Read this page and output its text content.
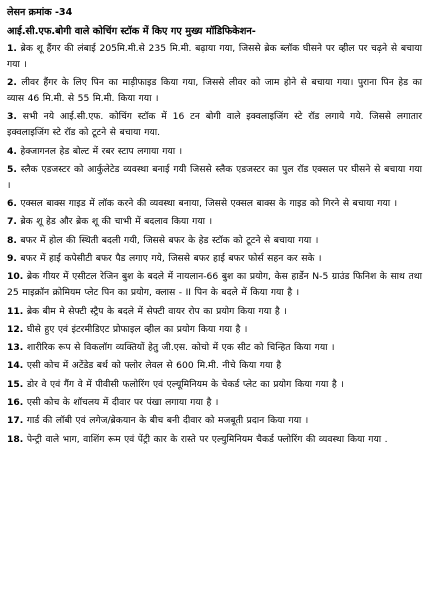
लेसन क्रमांक -34
आई.सी.एफ.बोगी वाले कोचिंग स्टॉक में किए गए मुख्य मॉडिफिकेशन-
1. ब्रेक शू हैंगर की लंबाई 205मि.मी.से 235 मि.मी. बढ़ाया गया, जिससे ब्रेक ब्लॉक घीसने पर व्हील पर चढ़ने से बचाया गया ।
2. लीवर हैंगर के लिए पिन का माड़ीफाइड किया गया, जिससे लीवर को जाम होने से बचाया गया। पुराना पिन हेड का व्यास 46 मि.मी. से 55 मि.मी. किया गया ।
3. सभी नये आई.सी.एफ. कोचिंग स्टॉक में 16 टन बोगी वाले इक्वलाइजिंग स्टे रॉड लगाये गये. जिससे लगातार इक्वलाइजिंग स्टे रॉड को टूटने से बचाया गया.
4. हेक्जागनल हेड बोल्ट में रबर स्टाप लगाया गया ।
5. स्लैक एडजस्टर को आर्कुलेटेड व्यवस्था बनाई गयी जिससे स्लैक एडजस्टर का पुल रॉड एक्सल पर घीसने से बचाया गया ।
6. एक्सल बाक्स गाइड में लॉक करने की व्यवस्था बनाया, जिससे एक्सल बाक्स के गाइड को गिरने से बचाया गया ।
7. ब्रेक शू हेड और ब्रेक शू की चाभी में बदलाव किया गया ।
8. बफर में होल की स्थिती बदली गयी, जिससे बफर के हेड स्टॉक को टूटने से बचाया गया ।
9. बफर में हाई कपेसीटी बफर पैड लगाए गये, जिससे बफर हाई बफर फोर्स सहन कर सके ।
10. ब्रेक गीयर में एसीटल रेजिन बुश के बदले में नायलान-66 बुश का प्रयोग, केस हार्डेन N-5 ग्राउंड फिनिश के साथ तथा 25 माइक्रॉन क्रोमियम प्लेट पिन का प्रयोग, क्लास - II पिन के बदले में किया गया है ।
11. ब्रेक बीम मे सेफ्टी स्ट्रैप के बदले में सेफ्टी वायर रोप का प्रयोग किया गया है ।
12. घीसे हुए एवं इंटरमीडिएट प्रोफाइल व्हील का प्रयोग किया गया है ।
13. शारीरिक रूप से विकलॉग व्यक्तियों हेतु जी.एस. कोचो में एक सीट को चिन्हित किया गया ।
14. एसी कोच में अटेंडेड बर्थ को फ्लोर लेवल से 600 मि.मी. नीचे किया गया है
15. डोर वे एवं गैंग वे में पीवीसी फलोरिंग एवं एल्यूमिनियम के चेकर्ड प्लेट का प्रयोग किया गया है ।
16. एसी कोच के शॉचलय में दीवार पर पंखा लगाया गया है ।
17. गार्ड की लॉबी एवं लगेज/ब्रेकयान के बीच बनी दीवार को मजबूती प्रदान किया गया ।
18. पेन्ट्री वाले भाग, वाशिंग रूम एवं पेंट्री कार के रास्ते पर एल्युमिनियम चैकर्ड फ्लोरिंग की व्यवस्था किया गया .
